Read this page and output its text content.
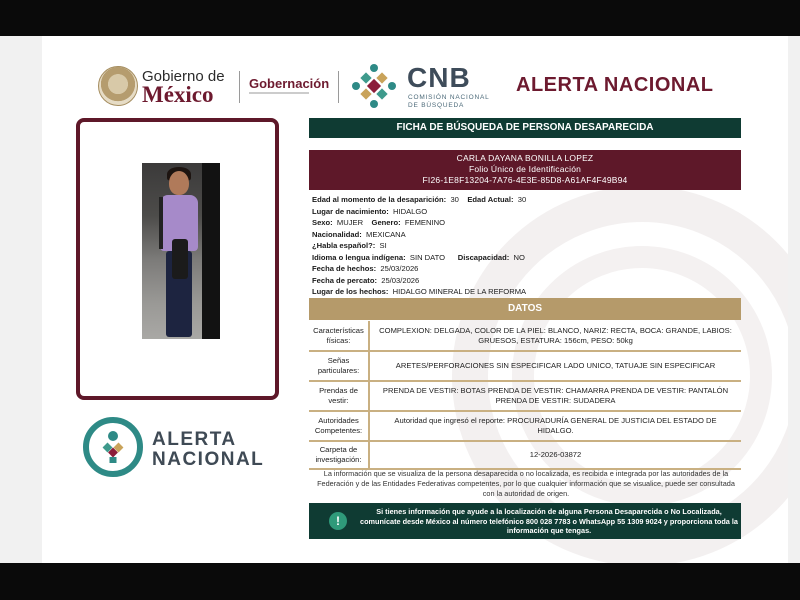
Gobierno de
México	Gobernación	CNB
COMISIÓN NACIONAL
DE BÚSQUEDA
ALERTA NACIONAL
ALERTA
NACIONAL
FICHA DE BÚSQUEDA DE PERSONA DESAPARECIDA
CARLA DAYANA BONILLA LOPEZ
Folio Único de Identificación
FI26-1E8F13204-7A76-4E3E-85D8-A61AF4F49B94
Edad al momento de la desaparición: 30 Edad Actual: 30
Lugar de nacimiento: HIDALGO
Sexo: MUJER Genero: FEMENINO
Nacionalidad: MEXICANA
¿Habla español?: SI
Idioma o lengua indígena: SIN DATO Discapacidad: NO
Fecha de hechos: 25/03/2026
Fecha de percato: 25/03/2026
Lugar de los hechos: HIDALGO MINERAL DE LA REFORMA
DATOS
Características físicas:	COMPLEXION: DELGADA, COLOR DE LA PIEL: BLANCO, NARIZ: RECTA, BOCA: GRANDE, LABIOS: GRUESOS, ESTATURA: 156cm, PESO: 50kg
Señas particulares:	ARETES/PERFORACIONES SIN ESPECIFICAR LADO UNICO, TATUAJE SIN ESPECIFICAR
Prendas de vestir:	PRENDA DE VESTIR: BOTAS PRENDA DE VESTIR: CHAMARRA PRENDA DE VESTIR: PANTALÓN PRENDA DE VESTIR: SUDADERA
Autoridades Competentes:	Autoridad que ingresó el reporte: PROCURADURÍA GENERAL DE JUSTICIA DEL ESTADO DE HIDALGO.
Carpeta de investigación:	12-2026-03872
La información que se visualiza de la persona desaparecida o no localizada, es recibida e integrada por las autoridades de la Federación y de las Entidades Federativas competentes, por lo que cualquier información que se visualice, puede ser consultada con la autoridad de origen.
!
Si tienes información que ayude a la localización de alguna Persona Desaparecida o No Localizada, comunícate desde México al número telefónico 800 028 7783 o WhatsApp 55 1309 9024 y proporciona toda la información que tengas.
